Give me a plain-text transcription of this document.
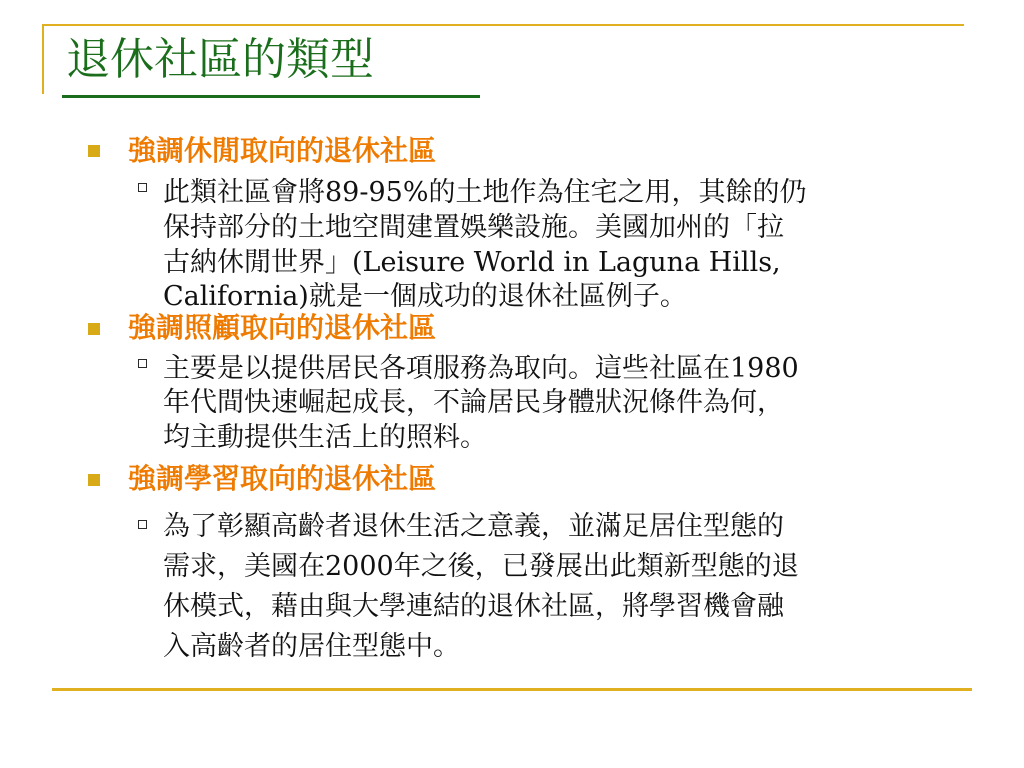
退休社區的類型
強調休閒取向的退休社區

此類社區會將89-95%的土地作為住宅之用，其餘的仍

保持部分的土地空間建置娛樂設施。美國加州的「拉

古納休閒世界」(Leisure World in Laguna Hills,

California)就是一個成功的退休社區例子。

強調照顧取向的退休社區

主要是以提供居民各項服務為取向。這些社區在1980

年代間快速崛起成長，不論居民身體狀況條件為何，

均主動提供生活上的照料。

強調學習取向的退休社區

為了彰顯高齡者退休生活之意義，並滿足居住型態的

需求，美國在2000年之後，已發展出此類新型態的退

休模式，藉由與大學連結的退休社區，將學習機會融

入高齡者的居住型態中。
